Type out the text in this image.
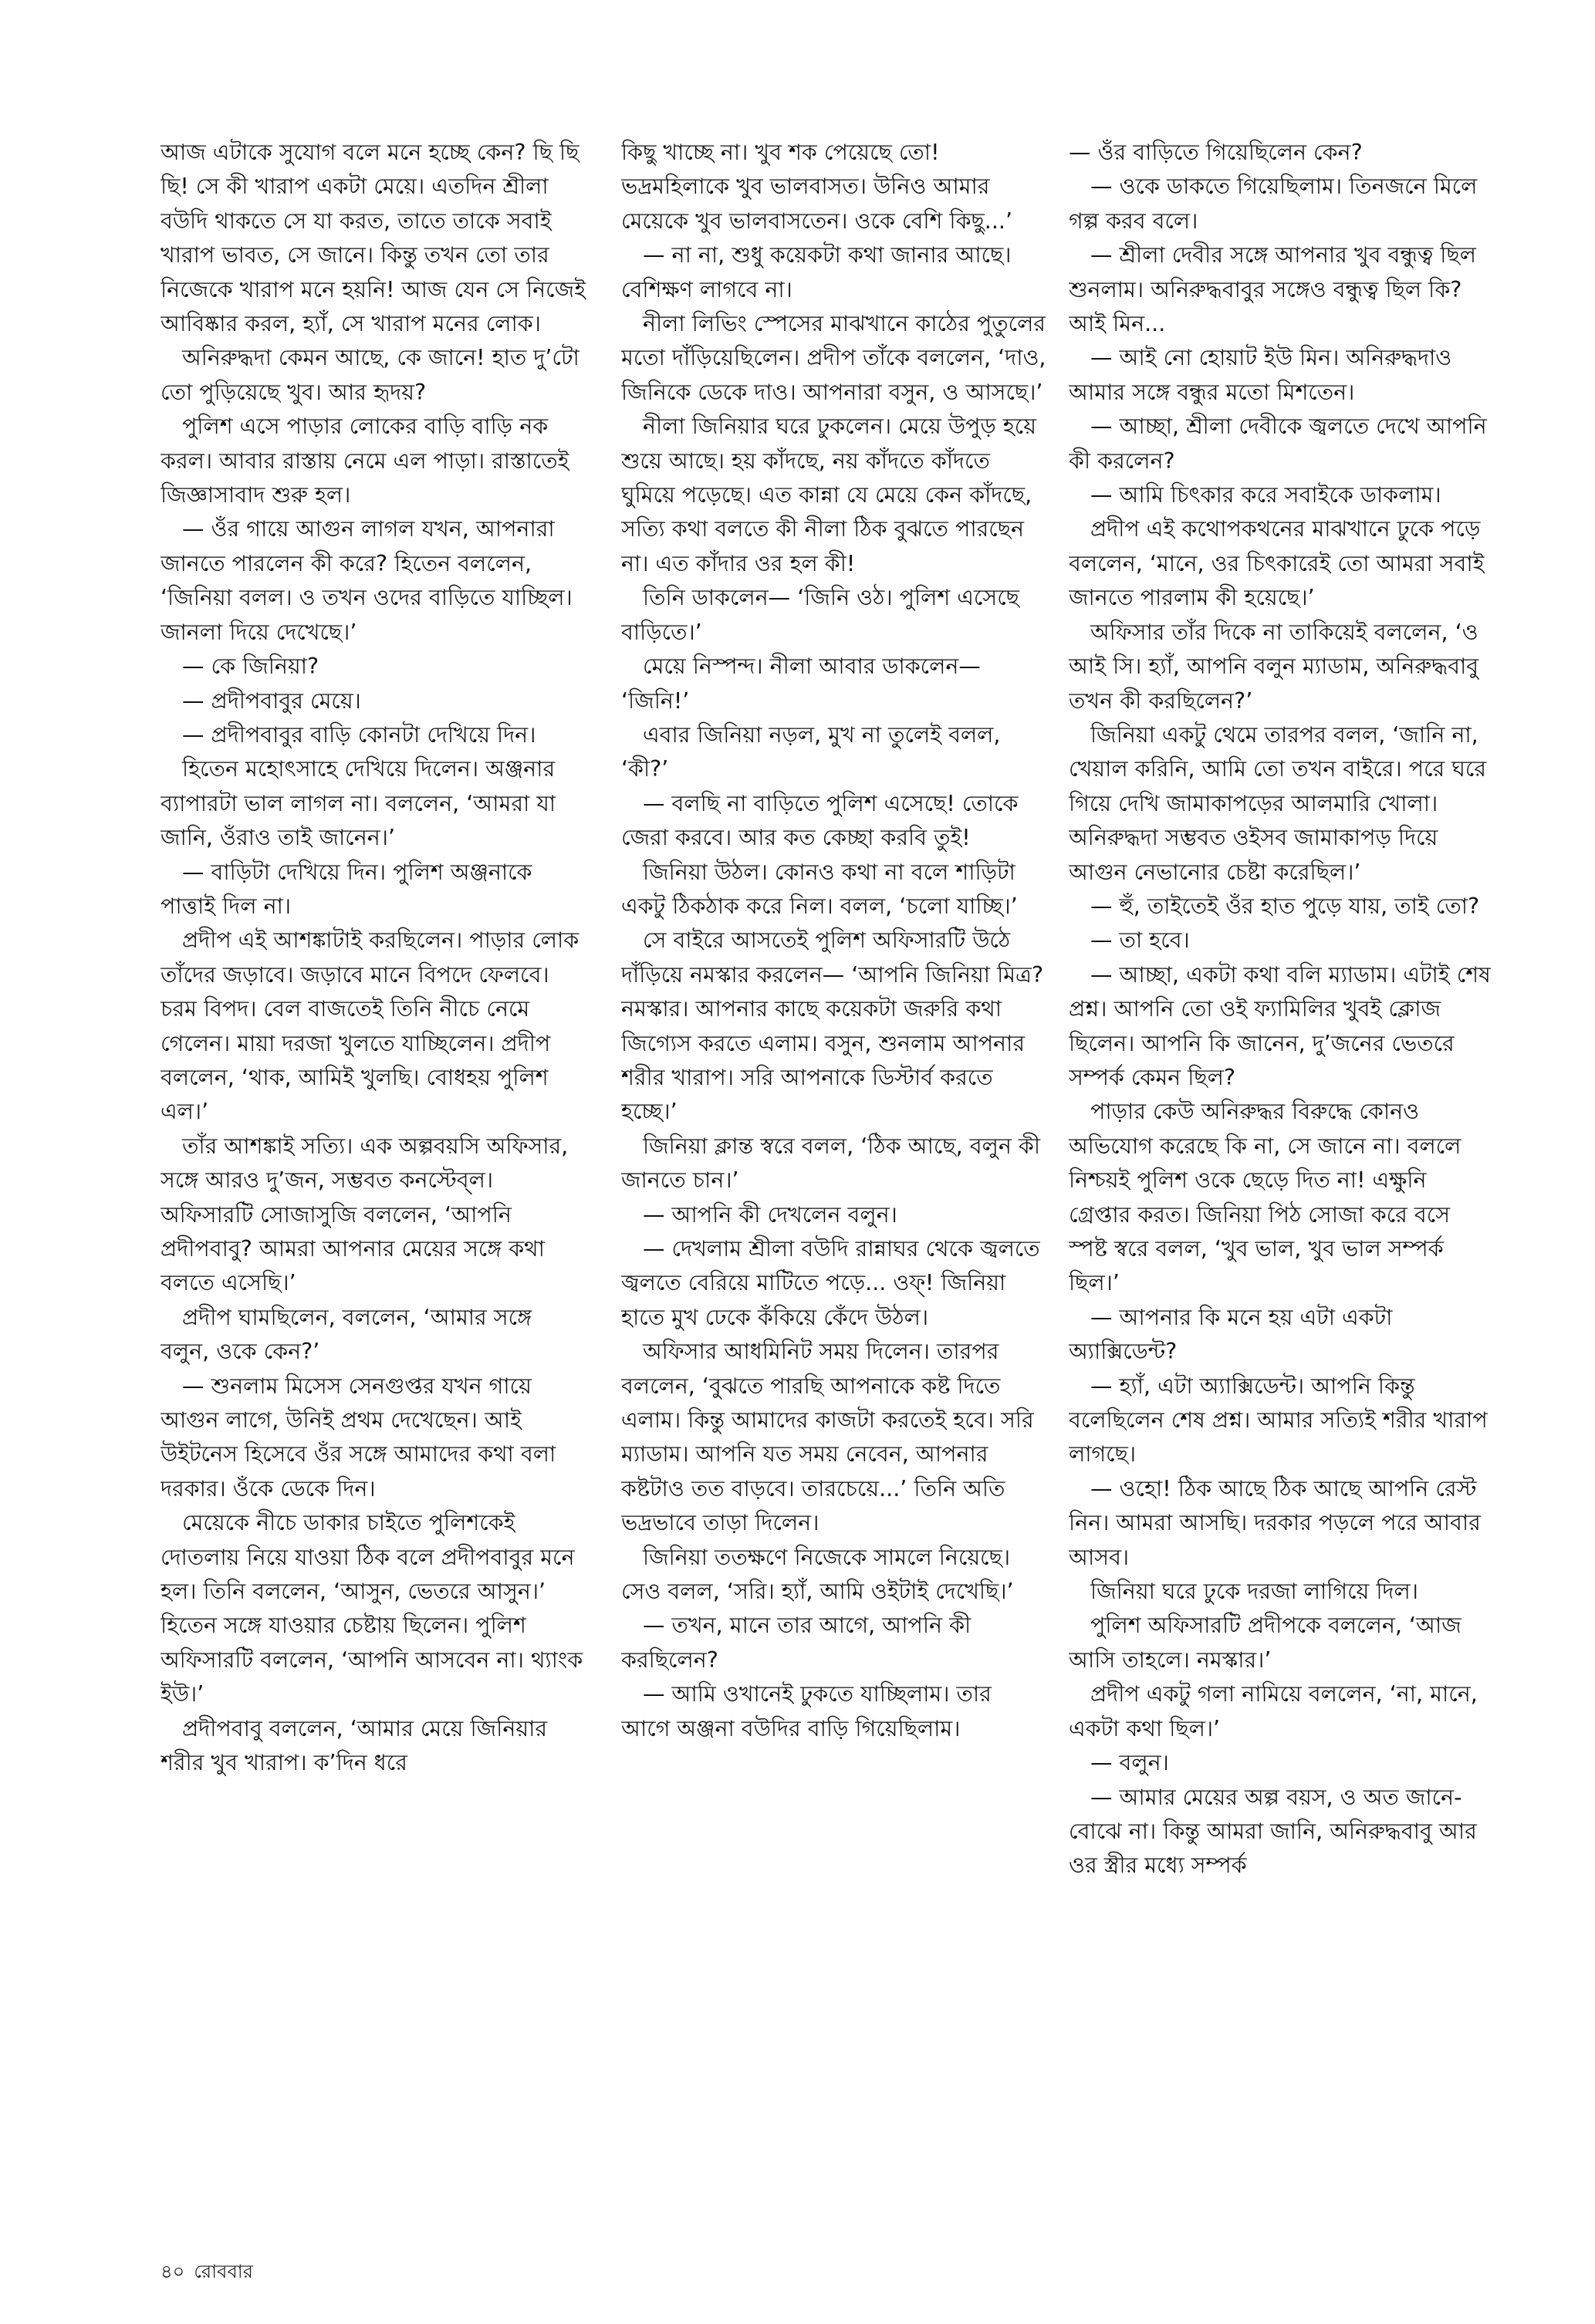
আজ এটাকে সুযোগ বলে মনে হচ্ছে কেন? ছি ছি ছি! সে কী খারাপ একটা মেয়ে। এতদিন শ্রীলা বউদি থাকতে সে যা করত, তাতে তাকে সবাই খারাপ ভাবত, সে জানে। কিন্তু তখন তো তার নিজেকে খারাপ মনে হয়নি! আজ যেন সে নিজেই আবিষ্কার করল, হ্যাঁ, সে খারাপ মনের লোক।

অনিরুদ্ধদা কেমন আছে, কে জানে! হাত দু’টো তো পুড়িয়েছে খুব। আর হৃদয়?

পুলিশ এসে পাড়ার লোকের বাড়ি বাড়ি নক করল। আবার রাস্তায় নেমে এল পাড়া। রাস্তাতেই জিজ্ঞাসাবাদ শুরু হল।

— ওঁর গায়ে আগুন লাগল যখন, আপনারা জানতে পারলেন কী করে? হিতেন বললেন, ‘জিনিয়া বলল। ও তখন ওদের বাড়িতে যাচ্ছিল। জানলা দিয়ে দেখেছে।’

— কে জিনিয়া?

— প্রদীপবাবুর মেয়ে।

— প্রদীপবাবুর বাড়ি কোনটা দেখিয়ে দিন।

হিতেন মহোৎসাহে দেখিয়ে দিলেন। অঞ্জনার ব্যাপারটা ভাল লাগল না। বললেন, ‘আমরা যা জানি, ওঁরাও তাই জানেন।’

— বাড়িটা দেখিয়ে দিন। পুলিশ অঞ্জনাকে পাত্তাই দিল না।

প্রদীপ এই আশঙ্কাটাই করছিলেন। পাড়ার লোক তাঁদের জড়াবে। জড়াবে মানে বিপদে ফেলবে। চরম বিপদ। বেল বাজতেই তিনি নীচে নেমে গেলেন। মায়া দরজা খুলতে যাচ্ছিলেন। প্রদীপ বললেন, ‘থাক, আমিই খুলছি। বোধহয় পুলিশ এল।’

তাঁর আশঙ্কাই সত্যি। এক অল্পবয়সি অফিসার, সঙ্গে আরও দু’জন, সম্ভবত কনস্টেব্‌ল। অফিসারটি সোজাসুজি বললেন, ‘আপনি প্রদীপবাবু? আমরা আপনার মেয়ের সঙ্গে কথা বলতে এসেছি।’

প্রদীপ ঘামছিলেন, বললেন, ‘আমার সঙ্গে বলুন, ওকে কেন?’

— শুনলাম মিসেস সেনগুপ্তর যখন গায়ে আগুন লাগে, উনিই প্রথম দেখেছেন। আই উইটনেস হিসেবে ওঁর সঙ্গে আমাদের কথা বলা দরকার। ওঁকে ডেকে দিন।

মেয়েকে নীচে ডাকার চাইতে পুলিশকেই দোতলায় নিয়ে যাওয়া ঠিক বলে প্রদীপবাবুর মনে হল। তিনি বললেন, ‘আসুন, ভেতরে আসুন।’ হিতেন সঙ্গে যাওয়ার চেষ্টায় ছিলেন। পুলিশ অফিসারটি বললেন, ‘আপনি আসবেন না। থ্যাংক ইউ।’

প্রদীপবাবু বললেন, ‘আমার মেয়ে জিনিয়ার শরীর খুব খারাপ। ক’দিন ধরে

কিছু খাচ্ছে না। খুব শক পেয়েছে তো! ভদ্রমহিলাকে খুব ভালবাসত। উনিও আমার মেয়েকে খুব ভালবাসতেন। ওকে বেশি কিছু...’

— না না, শুধু কয়েকটা কথা জানার আছে। বেশিক্ষণ লাগবে না।

নীলা লিভিং স্পেসের মাঝখানে কাঠের পুতুলের মতো দাঁড়িয়েছিলেন। প্রদীপ তাঁকে বললেন, ‘দাও, জিনিকে ডেকে দাও। আপনারা বসুন, ও আসছে।’

নীলা জিনিয়ার ঘরে ঢুকলেন। মেয়ে উপুড় হয়ে শুয়ে আছে। হয় কাঁদছে, নয় কাঁদতে কাঁদতে ঘুমিয়ে পড়েছে। এত কান্না যে মেয়ে কেন কাঁদছে, সত্যি কথা বলতে কী নীলা ঠিক বুঝতে পারছেন না। এত কাঁদার ওর হল কী!

তিনি ডাকলেন— ‘জিনি ওঠ। পুলিশ এসেছে বাড়িতে।’

মেয়ে নিস্পন্দ। নীলা আবার ডাকলেন— ‘জিনি!’

এবার জিনিয়া নড়ল, মুখ না তুলেই বলল, ‘কী?’

— বলছি না বাড়িতে পুলিশ এসেছে! তোকে জেরা করবে। আর কত কেচ্ছা করবি তুই!

জিনিয়া উঠল। কোনও কথা না বলে শাড়িটা একটু ঠিকঠাক করে নিল। বলল, ‘চলো যাচ্ছি।’

সে বাইরে আসতেই পুলিশ অফিসারটি উঠে দাঁড়িয়ে নমস্কার করলেন— ‘আপনি জিনিয়া মিত্র? নমস্কার। আপনার কাছে কয়েকটা জরুরি কথা জিগ্যেস করতে এলাম। বসুন, শুনলাম আপনার শরীর খারাপ। সরি আপনাকে ডিস্টার্ব করতে হচ্ছে।’

জিনিয়া ক্লান্ত স্বরে বলল, ‘ঠিক আছে, বলুন কী জানতে চান।’

— আপনি কী দেখলেন বলুন।

— দেখলাম শ্রীলা বউদি রান্নাঘর থেকে জ্বলতে জ্বলতে বেরিয়ে মাটিতে পড়ে... ওফ্‌! জিনিয়া হাতে মুখ ঢেকে কঁকিয়ে কেঁদে উঠল।

অফিসার আধমিনিট সময় দিলেন। তারপর বললেন, ‘বুঝতে পারছি আপনাকে কষ্ট দিতে এলাম। কিন্তু আমাদের কাজটা করতেই হবে। সরি ম্যাডাম। আপনি যত সময় নেবেন, আপনার কষ্টটাও তত বাড়বে। তারচেয়ে...’ তিনি অতি ভদ্রভাবে তাড়া দিলেন।

জিনিয়া ততক্ষণে নিজেকে সামলে নিয়েছে। সেও বলল, ‘সরি। হ্যাঁ, আমি ওইটাই দেখেছি।’

— তখন, মানে তার আগে, আপনি কী করছিলেন?

— আমি ওখানেই ঢুকতে যাচ্ছিলাম। তার আগে অঞ্জনা বউদির বাড়ি গিয়েছিলাম।

— ওঁর বাড়িতে গিয়েছিলেন কেন?

— ওকে ডাকতে গিয়েছিলাম। তিনজনে মিলে গল্প করব বলে।

— শ্রীলা দেবীর সঙ্গে আপনার খুব বন্ধুত্ব ছিল শুনলাম। অনিরুদ্ধবাবুর সঙ্গেও বন্ধুত্ব ছিল কি? আই মিন...

— আই নো হোয়াট ইউ মিন। অনিরুদ্ধদাও আমার সঙ্গে বন্ধুর মতো মিশতেন।

— আচ্ছা, শ্রীলা দেবীকে জ্বলতে দেখে আপনি কী করলেন?

— আমি চিৎকার করে সবাইকে ডাকলাম।

প্রদীপ এই কথোপকথনের মাঝখানে ঢুকে পড়ে বললেন, ‘মানে, ওর চিৎকারেই তো আমরা সবাই জানতে পারলাম কী হয়েছে।’

অফিসার তাঁর দিকে না তাকিয়েই বললেন, ‘ও আই সি। হ্যাঁ, আপনি বলুন ম্যাডাম, অনিরুদ্ধবাবু তখন কী করছিলেন?’

জিনিয়া একটু থেমে তারপর বলল, ‘জানি না, খেয়াল করিনি, আমি তো তখন বাইরে। পরে ঘরে গিয়ে দেখি জামাকাপড়ের আলমারি খোলা। অনিরুদ্ধদা সম্ভবত ওইসব জামাকাপড় দিয়ে আগুন নেভানোর চেষ্টা করেছিল।’

— হুঁ, তাইতেই ওঁর হাত পুড়ে যায়, তাই তো?

— তা হবে।

— আচ্ছা, একটা কথা বলি ম্যাডাম। এটাই শেষ প্রশ্ন। আপনি তো ওই ফ্যামিলির খুবই ক্লোজ ছিলেন। আপনি কি জানেন, দু’জনের ভেতরে সম্পর্ক কেমন ছিল?

পাড়ার কেউ অনিরুদ্ধর বিরুদ্ধে কোনও অভিযোগ করেছে কি না, সে জানে না। বললে নিশ্চয়ই পুলিশ ওকে ছেড়ে দিত না! এক্ষুনি গ্রেপ্তার করত। জিনিয়া পিঠ সোজা করে বসে স্পষ্ট স্বরে বলল, ‘খুব ভাল, খুব ভাল সম্পর্ক ছিল।’

— আপনার কি মনে হয় এটা একটা অ্যাক্সিডেন্ট?

— হ্যাঁ, এটা অ্যাক্সিডেন্ট। আপনি কিন্তু বলেছিলেন শেষ প্রশ্ন। আমার সত্যিই শরীর খারাপ লাগছে।

— ওহো! ঠিক আছে ঠিক আছে আপনি রেস্ট নিন। আমরা আসছি। দরকার পড়লে পরে আবার আসব।

জিনিয়া ঘরে ঢুকে দরজা লাগিয়ে দিল।

পুলিশ অফিসারটি প্রদীপকে বললেন, ‘আজ আসি তাহলে। নমস্কার।’

প্রদীপ একটু গলা নামিয়ে বললেন, ‘না, মানে, একটা কথা ছিল।’

— বলুন।

— আমার মেয়ের অল্প বয়স, ও অত জানে-বোঝে না। কিন্তু আমরা জানি, অনিরুদ্ধবাবু আর ওর স্ত্রীর মধ্যে সম্পর্ক

৪০ রোববার
